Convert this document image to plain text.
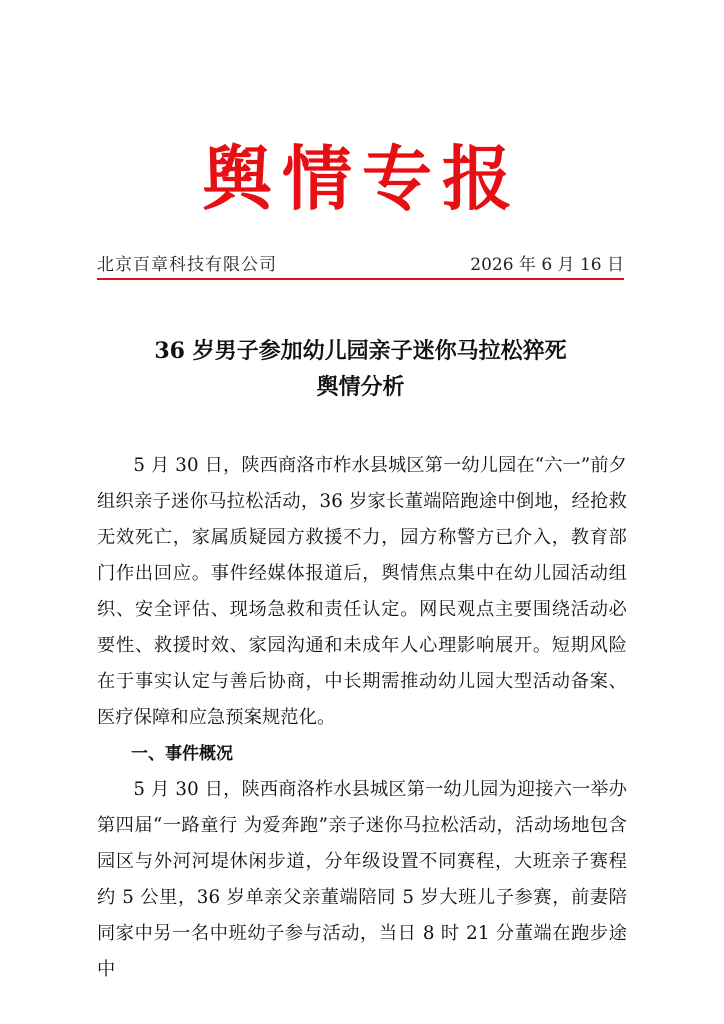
舆情专报
北京百章科技有限公司	2026 年 6 月 16 日
36 岁男子参加幼儿园亲子迷你马拉松猝死
舆情分析

5 月 30 日，陕西商洛市柞水县城区第一幼儿园在“六一”前夕组织亲子迷你马拉松活动，36 岁家长董端陪跑途中倒地，经抢救无效死亡，家属质疑园方救援不力，园方称警方已介入，教育部门作出回应。事件经媒体报道后，舆情焦点集中在幼儿园活动组织、安全评估、现场急救和责任认定。网民观点主要围绕活动必要性、救援时效、家园沟通和未成年人心理影响展开。短期风险在于事实认定与善后协商，中长期需推动幼儿园大型活动备案、医疗保障和应急预案规范化。

一、事件概况

5 月 30 日，陕西商洛柞水县城区第一幼儿园为迎接六一举办第四届“一路童行 为爱奔跑”亲子迷你马拉松活动，活动场地包含园区与外河河堤休闲步道，分年级设置不同赛程，大班亲子赛程约 5 公里，36 岁单亲父亲董端陪同 5 岁大班儿子参赛，前妻陪同家中另一名中班幼子参与活动，当日 8 时 21 分董端在跑步途中
